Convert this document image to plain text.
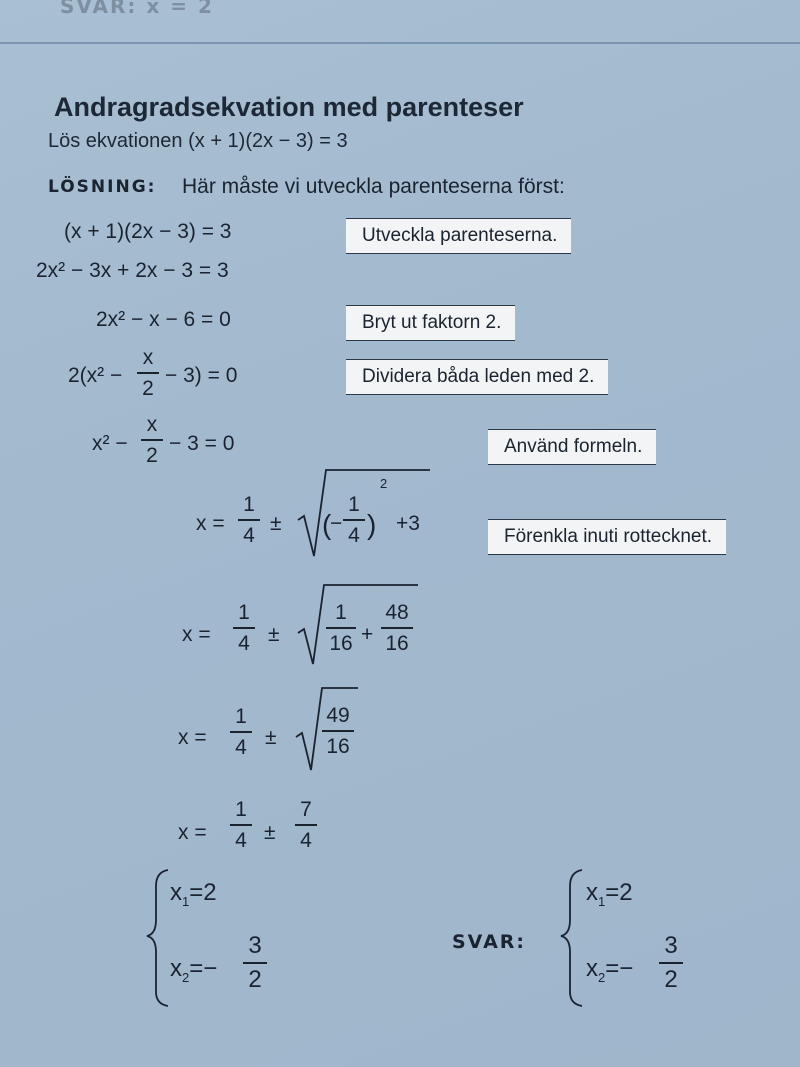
SVAR: x = 2
Andragradsekvation med parenteser
Lös ekvationen (x + 1)(2x − 3) = 3
LÖSNING: Här måste vi utveckla parenteserna först:
(x + 1)(2x − 3) = 3	Utveckla parenteserna.
2x² − 3x + 2x − 3 = 3
2x² − x − 6 = 0	Bryt ut faktorn 2.
2(x² −
x
2
− 3) = 0	Dividera båda leden med 2.
x² −
x
2
− 3 = 0	Använd formeln.
x =
1
4
± (
−
1
4 )
2
+3
Förenkla inuti rottecknet.
x =
1
4 ±
1
16 +
48
16
x =
1
4 ±
49
16
x =
1
4 ±
7
4
$x_1=2$
$x_2=-$
3
2
SVAR:
$x_1=2$
$x_2=-$
3
2
